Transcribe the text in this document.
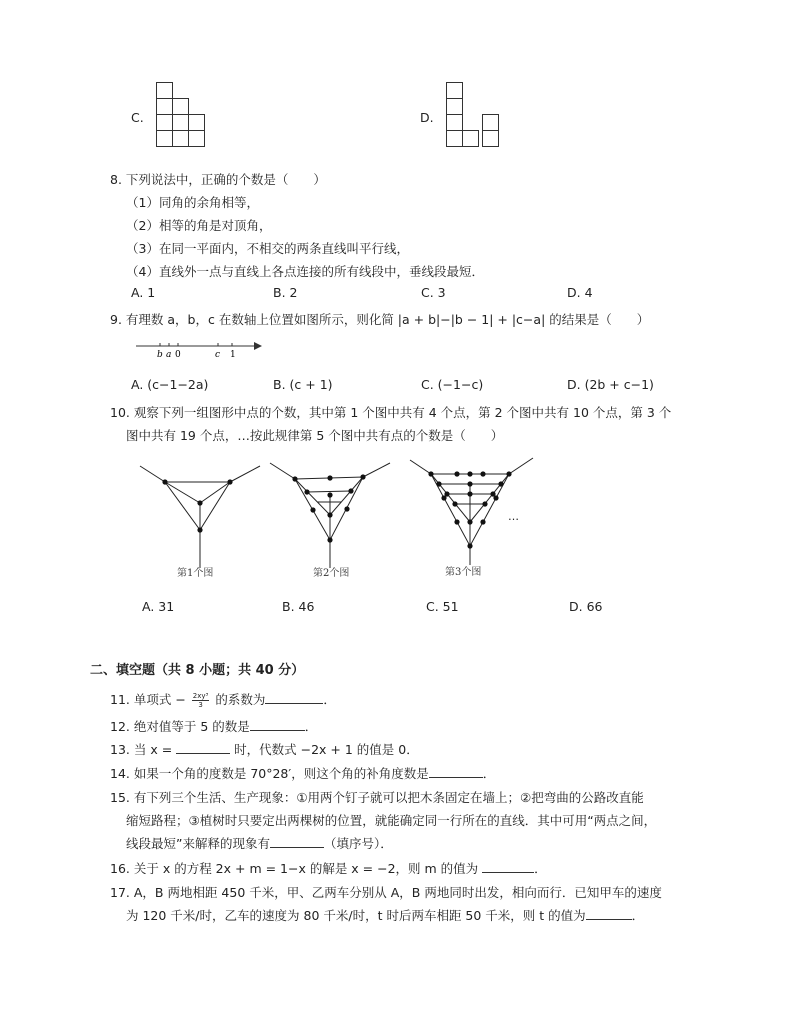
C.	D.
8. 下列说法中，正确的个数是（　　）
（1）同角的余角相等，
（2）相等的角是对顶角，
（3）在同一平面内，不相交的两条直线叫平行线，
（4）直线外一点与直线上各点连接的所有线段中，垂线段最短．
A. 1	B. 2	C. 3	D. 4
9. 有理数 a，b，c 在数轴上位置如图所示，则化简 |a + b|−|b − 1| + |c−a| 的结果是（　　）
b a 0	c 1
A. (c−1−2a)	B. (c + 1)	C. (−1−c)	D. (2b + c−1)
10. 观察下列一组图形中点的个数，其中第 1 个图中共有 4 个点，第 2 个图中共有 10 个点，第 3 个
图中共有 19 个点，…按此规律第 5 个图中共有点的个数是（　　）
第1个图	第2个图	第3个图
…
A. 31	B. 46	C. 51	D. 66
二、填空题（共 8 小题；共 40 分）
11. 单项式 − $\frac{\text{2xy³}}{3}$ 的系数为	．
12. 绝对值等于 5 的数是	．
13. 当 x =	时，代数式 −2x + 1 的值是 0．
14. 如果一个角的度数是 70°28′，则这个角的补角度数是	．
15. 有下列三个生活、生产现象：①用两个钉子就可以把木条固定在墙上；②把弯曲的公路改直能
缩短路程；③植树时只要定出两棵树的位置，就能确定同一行所在的直线．其中可用“两点之间，
线段最短”来解释的现象有	（填序号）．
16. 关于 x 的方程 2x + m = 1−x 的解是 x = −2，则 m 的值为	．
17. A，B 两地相距 450 千米，甲、乙两车分别从 A，B 两地同时出发，相向而行．已知甲车的速度
为 120 千米/时，乙车的速度为 80 千米/时，t 时后两车相距 50 千米，则 t 的值为	．
